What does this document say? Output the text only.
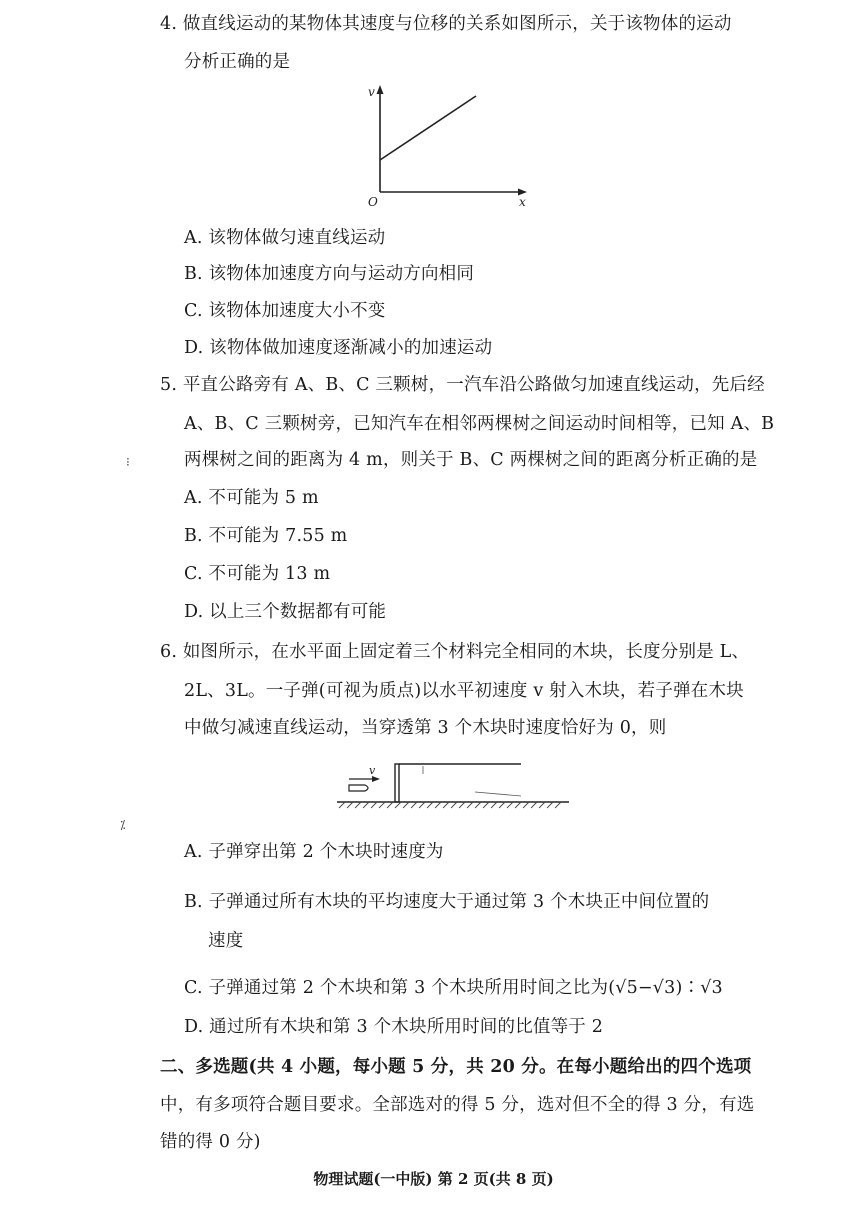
4. 做直线运动的某物体其速度与位移的关系如图所示，关于该物体的运动
分析正确的是
v
x
O
A. 该物体做匀速直线运动
B. 该物体加速度方向与运动方向相同
C. 该物体加速度大小不变
D. 该物体做加速度逐渐减小的加速运动
5. 平直公路旁有 A、B、C 三颗树，一汽车沿公路做匀加速直线运动，先后经
A、B、C 三颗树旁，已知汽车在相邻两棵树之间运动时间相等，已知 A、B
两棵树之间的距离为 4 m，则关于 B、C 两棵树之间的距离分析正确的是
A. 不可能为 5 m
B. 不可能为 7.55 m
C. 不可能为 13 m
D. 以上三个数据都有可能
⁝
6. 如图所示，在水平面上固定着三个材料完全相同的木块，长度分别是 L、
2L、3L。一子弹(可视为质点)以水平初速度 v 射入木块，若子弹在木块
中做匀减速直线运动，当穿透第 3 个木块时速度恰好为 0，则
v
⁒
A. 子弹穿出第 2 个木块时速度为
B. 子弹通过所有木块的平均速度大于通过第 3 个木块正中间位置的
速度
C. 子弹通过第 2 个木块和第 3 个木块所用时间之比为(√5−√3)∶√3
D. 通过所有木块和第 3 个木块所用时间的比值等于 2
二、多选题(共 4 小题，每小题 5 分，共 20 分。在每小题给出的四个选项
中，有多项符合题目要求。全部选对的得 5 分，选对但不全的得 3 分，有选
错的得 0 分)
物理试题(一中版) 第 2 页(共 8 页)
